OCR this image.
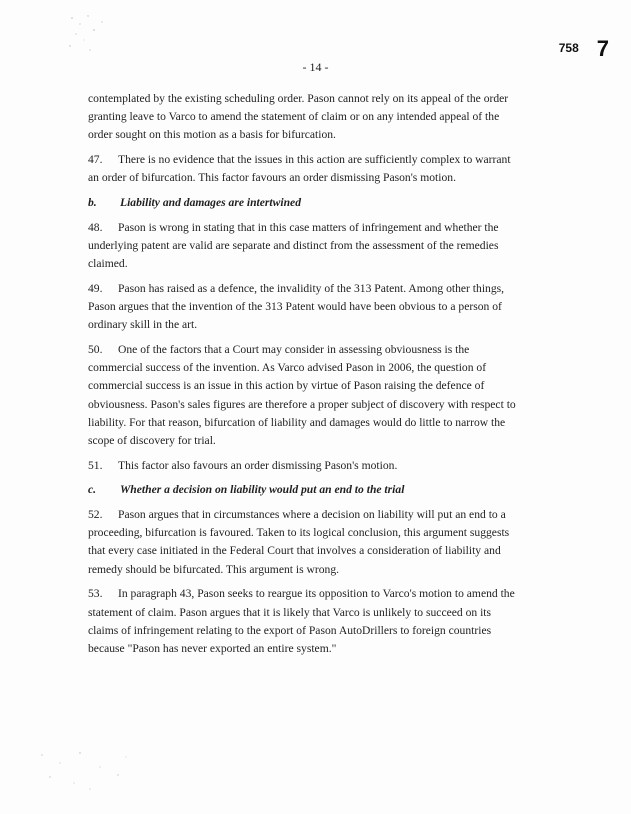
$^{758}$ 7
- 14 -

contemplated by the existing scheduling order. Pason cannot rely on its appeal of the order granting leave to Varco to amend the statement of claim or on any intended appeal of the order sought on this motion as a basis for bifurcation.

47. There is no evidence that the issues in this action are sufficiently complex to warrant an order of bifurcation. This factor favours an order dismissing Pason's motion.

b. Liability and damages are intertwined

48. Pason is wrong in stating that in this case matters of infringement and whether the underlying patent are valid are separate and distinct from the assessment of the remedies claimed.

49. Pason has raised as a defence, the invalidity of the 313 Patent. Among other things, Pason argues that the invention of the 313 Patent would have been obvious to a person of ordinary skill in the art.

50. One of the factors that a Court may consider in assessing obviousness is the commercial success of the invention. As Varco advised Pason in 2006, the question of commercial success is an issue in this action by virtue of Pason raising the defence of obviousness. Pason's sales figures are therefore a proper subject of discovery with respect to liability. For that reason, bifurcation of liability and damages would do little to narrow the scope of discovery for trial.

51. This factor also favours an order dismissing Pason's motion.

c. Whether a decision on liability would put an end to the trial

52. Pason argues that in circumstances where a decision on liability will put an end to a proceeding, bifurcation is favoured. Taken to its logical conclusion, this argument suggests that every case initiated in the Federal Court that involves a consideration of liability and remedy should be bifurcated. This argument is wrong.

53. In paragraph 43, Pason seeks to reargue its opposition to Varco's motion to amend the statement of claim. Pason argues that it is likely that Varco is unlikely to succeed on its claims of infringement relating to the export of Pason AutoDrillers to foreign countries because "Pason has never exported an entire system."
